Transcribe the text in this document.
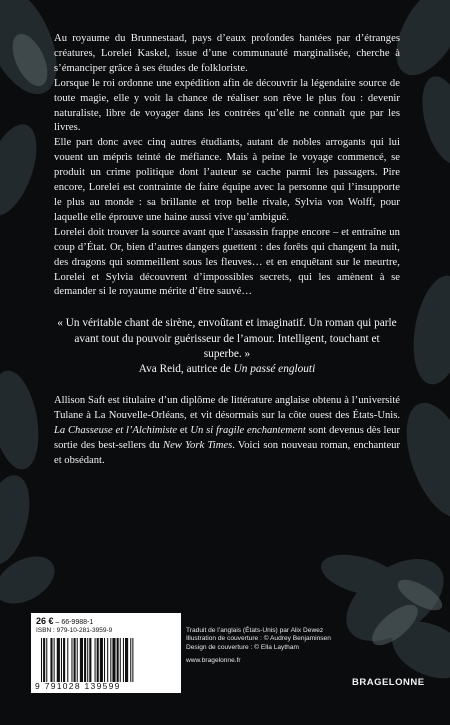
Au royaume du Brunnestaad, pays d’eaux profondes hantées par d’étranges créatures, Lorelei Kaskel, issue d’une communauté marginalisée, cherche à s’émanciper grâce à ses études de folkloriste.

Lorsque le roi ordonne une expédition afin de découvrir la légendaire source de toute magie, elle y voit la chance de réaliser son rêve le plus fou : devenir naturaliste, libre de voyager dans les contrées qu’elle ne connaît que par les livres.

Elle part donc avec cinq autres étudiants, autant de nobles arrogants qui lui vouent un mépris teinté de méfiance. Mais à peine le voyage commencé, se produit un crime politique dont l’auteur se cache parmi les passagers. Pire encore, Lorelei est contrainte de faire équipe avec la personne qui l’insupporte le plus au monde : sa brillante et trop belle rivale, Sylvia von Wolff, pour laquelle elle éprouve une haine aussi vive qu’ambiguë.

Lorelei doit trouver la source avant que l’assassin frappe encore – et entraîne un coup d’État. Or, bien d’autres dangers guettent : des forêts qui changent la nuit, des dragons qui sommeillent sous les fleuves… et en enquêtant sur le meurtre, Lorelei et Sylvia découvrent d’impossibles secrets, qui les amènent à se demander si le royaume mérite d’être sauvé…

« Un véritable chant de sirène, envoûtant et imaginatif. Un roman qui parle avant tout du pouvoir guérisseur de l’amour. Intelligent, touchant et superbe. »
Ava Reid, autrice de Un passé englouti
Allison Saft est titulaire d’un diplôme de littérature anglaise obtenu à l’université Tulane à La Nouvelle-Orléans, et vit désormais sur la côte ouest des États-Unis. La Chasseuse et l’Alchimiste et Un si fragile enchantement sont devenus dès leur sortie des best-sellers du New York Times. Voici son nouveau roman, enchanteur et obsédant.
26 € – 66-9988-1
ISBN : 979-10-281-3959-9
9 791028 139599
Traduit de l’anglais (États-Unis) par Alix Dewez
Illustration de couverture : © Audrey Benjaminsen
Design de couverture : © Ella Laytham
www.bragelonne.fr
BRAGELONNE
